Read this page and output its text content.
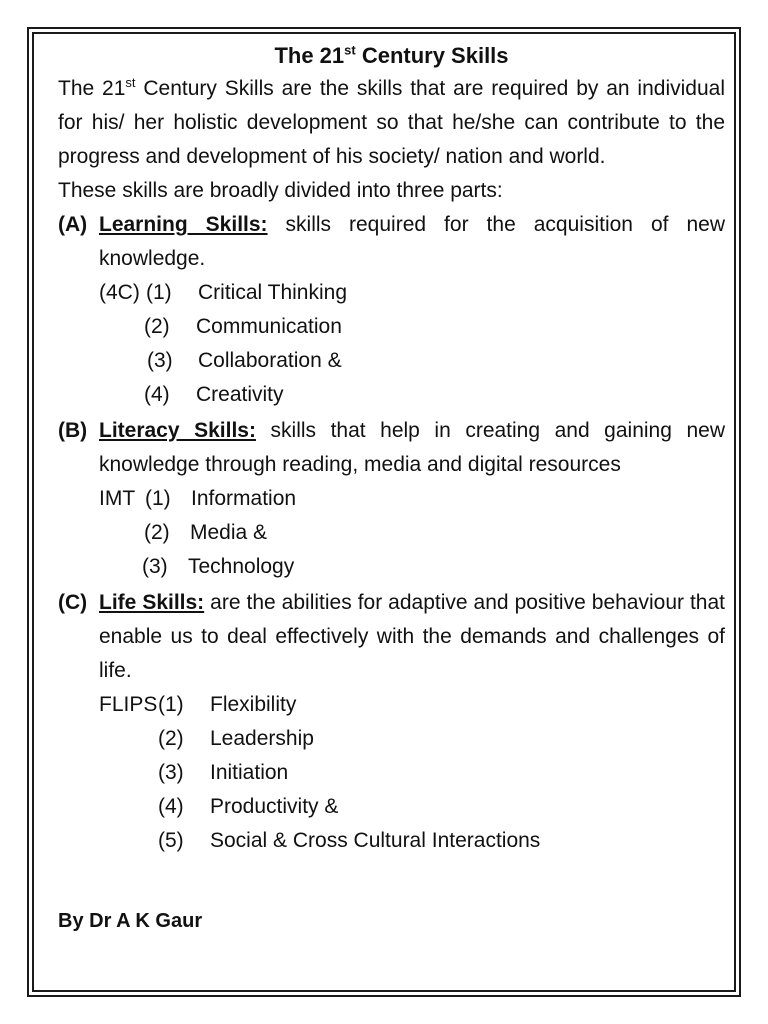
The 21st Century Skills
The 21st Century Skills are the skills that are required by an individual for his/ her holistic development so that he/she can contribute to the progress and development of his society/ nation and world.
These skills are broadly divided into three parts:
(A) Learning Skills: skills required for the acquisition of new knowledge.
(4C) (1) Critical Thinking
(2) Communication
(3) Collaboration &
(4) Creativity
(B) Literacy Skills: skills that help in creating and gaining new knowledge through reading, media and digital resources
IMT (1) Information
(2) Media &
(3) Technology
(C) Life Skills: are the abilities for adaptive and positive behaviour that enable us to deal effectively with the demands and challenges of life.
FLIPS (1) Flexibility
(2) Leadership
(3) Initiation
(4) Productivity &
(5) Social & Cross Cultural Interactions
By Dr A K Gaur
